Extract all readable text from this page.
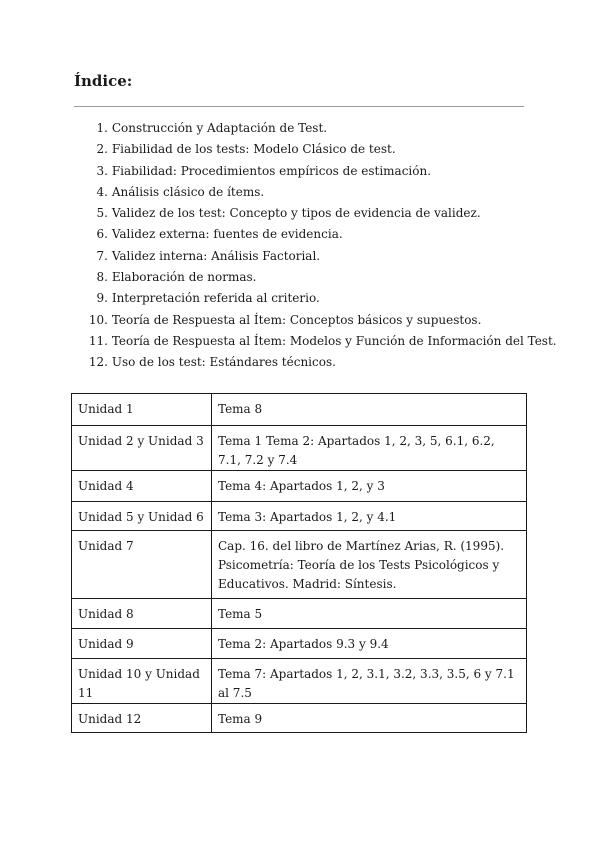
Índice:
1. Construcción y Adaptación de Test.
2. Fiabilidad de los tests: Modelo Clásico de test.
3. Fiabilidad: Procedimientos empíricos de estimación.
4. Análisis clásico de ítems.
5. Validez de los test: Concepto y tipos de evidencia de validez.
6. Validez externa: fuentes de evidencia.
7. Validez interna: Análisis Factorial.
8. Elaboración de normas.
9. Interpretación referida al criterio.
10. Teoría de Respuesta al Ítem: Conceptos básicos y supuestos.
11. Teoría de Respuesta al Ítem: Modelos y Función de Información del Test.
12. Uso de los test: Estándares técnicos.
Unidad 1	Tema 8
Unidad 2 y Unidad 3	Tema 1 Tema 2: Apartados 1, 2, 3, 5, 6.1, 6.2, 7.1, 7.2 y 7.4
Unidad 4	Tema 4: Apartados 1, 2, y 3
Unidad 5 y Unidad 6	Tema 3: Apartados 1, 2, y 4.1
Unidad 7	Cap. 16. del libro de Martínez Arias, R. (1995). Psicometría: Teoría de los Tests Psicológicos y Educativos. Madrid: Síntesis.
Unidad 8	Tema 5
Unidad 9	Tema 2: Apartados 9.3 y 9.4
Unidad 10 y Unidad 11	Tema 7: Apartados 1, 2, 3.1, 3.2, 3.3, 3.5, 6 y 7.1 al 7.5
Unidad 12	Tema 9
